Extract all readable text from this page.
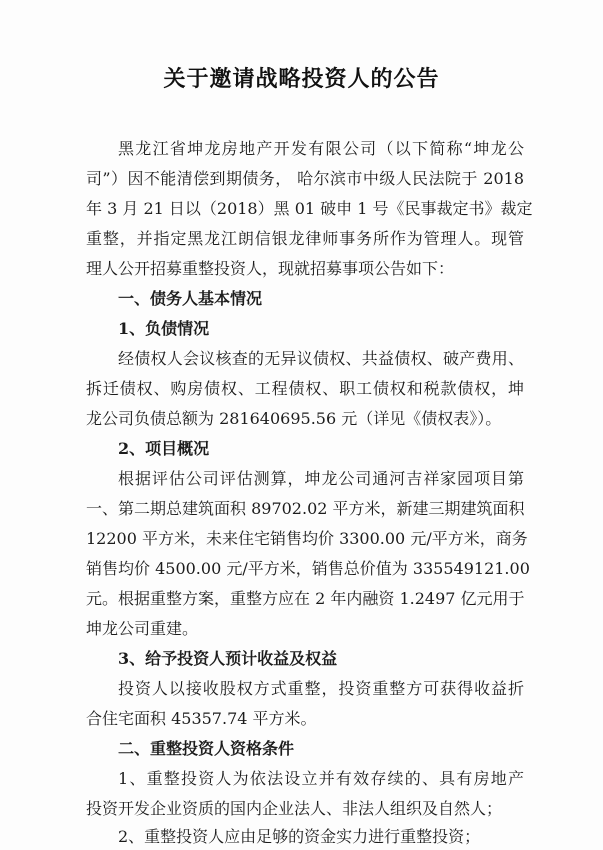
关于邀请战略投资人的公告
黑龙江省坤龙房地产开发有限公司（以下简称“坤龙公
司”）因不能清偿到期债务， 哈尔滨市中级人民法院于 2018
年 3 月 21 日以（2018）黑 01 破申 1 号《民事裁定书》裁定
重整，并指定黑龙江朗信银龙律师事务所作为管理人。现管
理人公开招募重整投资人，现就招募事项公告如下：
一、债务人基本情况
1、负债情况
经债权人会议核查的无异议债权、共益债权、破产费用、
拆迁债权、购房债权、工程债权、职工债权和税款债权，坤
龙公司负债总额为 281640695.56 元（详见《债权表》）。
2、项目概况
根据评估公司评估测算，坤龙公司通河吉祥家园项目第
一、第二期总建筑面积 89702.02 平方米，新建三期建筑面积
12200 平方米，未来住宅销售均价 3300.00 元/平方米，商务
销售均价 4500.00 元/平方米，销售总价值为 335549121.00
元。根据重整方案，重整方应在 2 年内融资 1.2497 亿元用于
坤龙公司重建。
3、给予投资人预计收益及权益
投资人以接收股权方式重整，投资重整方可获得收益折
合住宅面积 45357.74 平方米。
二、重整投资人资格条件
1、重整投资人为依法设立并有效存续的、具有房地产
投资开发企业资质的国内企业法人、非法人组织及自然人；
2、重整投资人应由足够的资金实力进行重整投资；
